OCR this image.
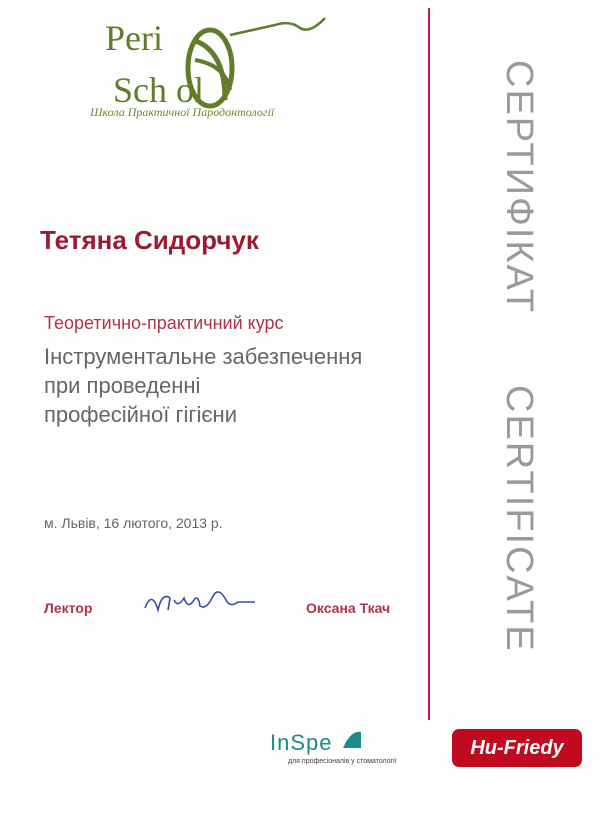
Peri
Sch ol
Школа Практичної Пародонтології	СЕРТИФІКАТ
CERTIFICATE
Тетяна Сидорчук
Теоретично-практичний курс
Інструментальне забезпечення
при проведенні
професійної гігієни
м. Львів, 16 лютого, 2013 р.
Лектор	Оксана Ткач
InSpe
для професіоналів у стоматології
Hu-Friedy
